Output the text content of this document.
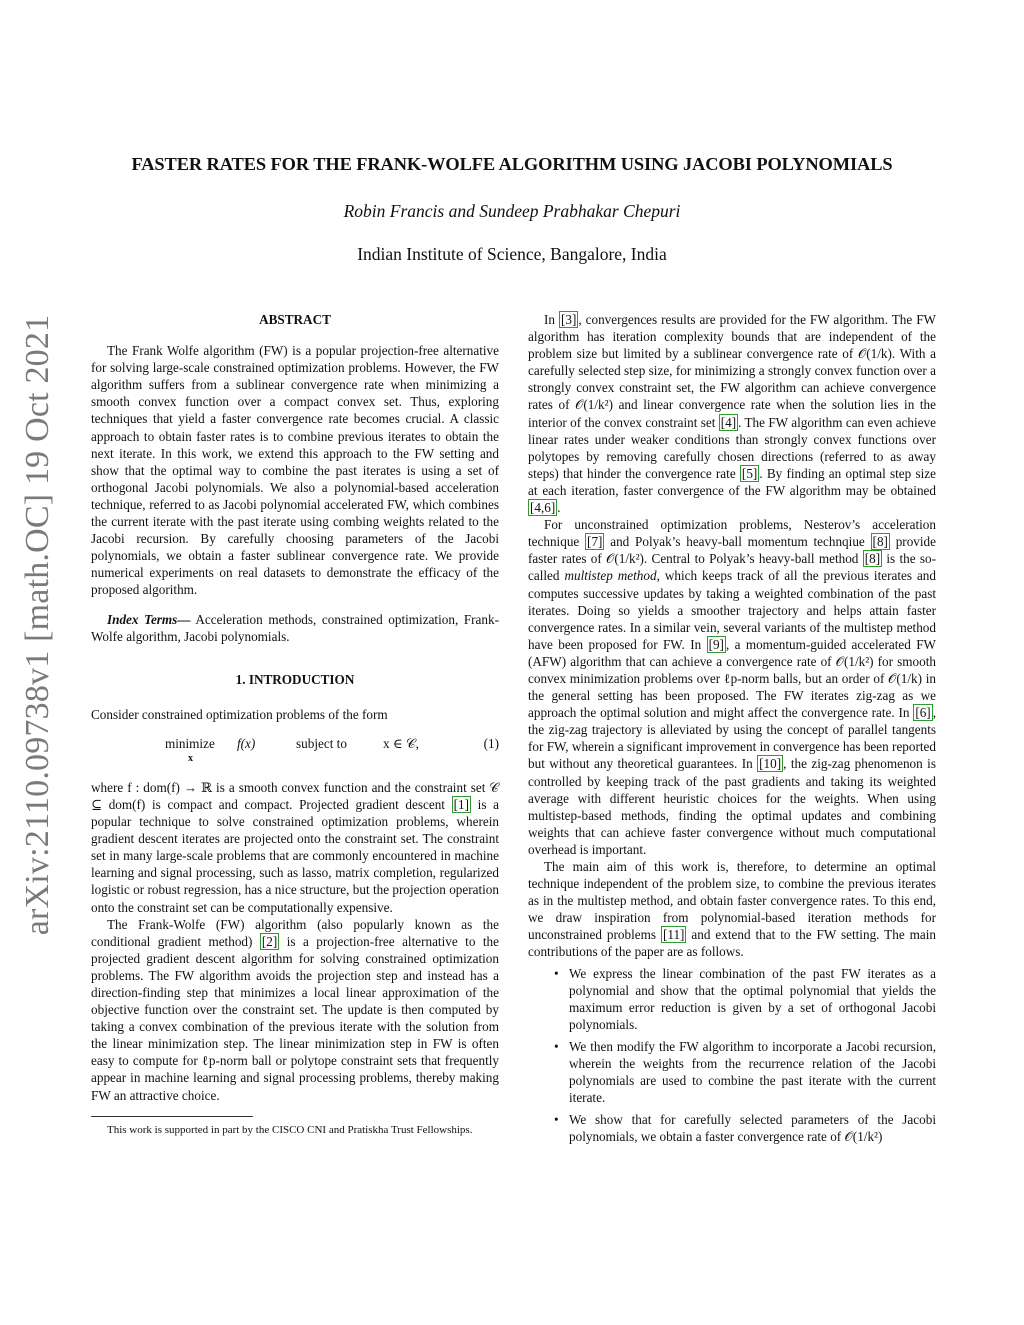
arXiv:2110.09738v1 [math.OC] 19 Oct 2021
FASTER RATES FOR THE FRANK-WOLFE ALGORITHM USING JACOBI POLYNOMIALS
Robin Francis and Sundeep Prabhakar Chepuri
Indian Institute of Science, Bangalore, India
ABSTRACT

The Frank Wolfe algorithm (FW) is a popular projection-free alternative for solving large-scale constrained optimization problems. However, the FW algorithm suffers from a sublinear convergence rate when minimizing a smooth convex function over a compact convex set. Thus, exploring techniques that yield a faster convergence rate becomes crucial. A classic approach to obtain faster rates is to combine previous iterates to obtain the next iterate. In this work, we extend this approach to the FW setting and show that the optimal way to combine the past iterates is using a set of orthogonal Jacobi polynomials. We also a polynomial-based acceleration technique, referred to as Jacobi polynomial accelerated FW, which combines the current iterate with the past iterate using combing weights related to the Jacobi recursion. By carefully choosing parameters of the Jacobi polynomials, we obtain a faster sublinear convergence rate. We provide numerical experiments on real datasets to demonstrate the efficacy of the proposed algorithm.

Index Terms— Acceleration methods, constrained optimization, Frank-Wolfe algorithm, Jacobi polynomials.

1. INTRODUCTION

Consider constrained optimization problems of the form

minimize
x
f(x)	subject to	x ∈ 𝒞,	(1)

where f : dom(f) → ℝ is a smooth convex function and the constraint set 𝒞 ⊆ dom(f) is compact and compact. Projected gradient descent [1] is a popular technique to solve constrained optimization problems, wherein gradient descent iterates are projected onto the constraint set. The constraint set in many large-scale problems that are commonly encountered in machine learning and signal processing, such as lasso, matrix completion, regularized logistic or robust regression, has a nice structure, but the projection operation onto the constraint set can be computationally expensive.

The Frank-Wolfe (FW) algorithm (also popularly known as the conditional gradient method) [2] is a projection-free alternative to the projected gradient descent algorithm for solving constrained optimization problems. The FW algorithm avoids the projection step and instead has a direction-finding step that minimizes a local linear approximation of the objective function over the constraint set. The update is then computed by taking a convex combination of the previous iterate with the solution from the linear minimization step. The linear minimization step in FW is often easy to compute for ℓp-norm ball or polytope constraint sets that frequently appear in machine learning and signal processing problems, thereby making FW an attractive choice.

This work is supported in part by the CISCO CNI and Pratiskha Trust Fellowships.

In [3] , convergences results are provided for the FW algorithm. The FW algorithm has iteration complexity bounds that are independent of the problem size but limited by a sublinear convergence rate of 𝒪(1/k). With a carefully selected step size, for minimizing a strongly convex function over a strongly convex constraint set, the FW algorithm can achieve convergence rates of 𝒪(1/k²) and linear convergence rate when the solution lies in the interior of the convex constraint set [4] . The FW algorithm can even achieve linear rates under weaker conditions than strongly convex functions over polytopes by removing carefully chosen directions (referred to as away steps) that hinder the convergence rate [5] . By finding an optimal step size at each iteration, faster convergence of the FW algorithm may be obtained [4,6] .

For unconstrained optimization problems, Nesterov’s acceleration technique [7] and Polyak’s heavy-ball momentum technqiue [8] provide faster rates of 𝒪(1/k²). Central to Polyak’s heavy-ball method [8] is the so-called multistep method, which keeps track of all the previous iterates and computes successive updates by taking a weighted combination of the past iterates. Doing so yields a smoother trajectory and helps attain faster convergence rates. In a similar vein, several variants of the multistep method have been proposed for FW. In [9] , a momentum-guided accelerated FW (AFW) algorithm that can achieve a convergence rate of 𝒪(1/k²) for smooth convex minimization problems over ℓp-norm balls, but an order of 𝒪(1/k) in the general setting has been proposed. The FW iterates zig-zag as we approach the optimal solution and might affect the convergence rate. In [6] , the zig-zag trajectory is alleviated by using the concept of parallel tangents for FW, wherein a significant improvement in convergence has been reported but without any theoretical guarantees. In [10] , the zig-zag phenomenon is controlled by keeping track of the past gradients and taking its weighted average with different heuristic choices for the weights. When using multistep-based methods, finding the optimal updates and combining weights that can achieve faster convergence without much computational overhead is important.

The main aim of this work is, therefore, to determine an optimal technique independent of the problem size, to combine the previous iterates as in the multistep method, and obtain faster convergence rates. To this end, we draw inspiration from polynomial-based iteration methods for unconstrained problems [11] and extend that to the FW setting. The main contributions of the paper are as follows.

• We express the linear combination of the past FW iterates as a polynomial and show that the optimal polynomial that yields the maximum error reduction is given by a set of orthogonal Jacobi polynomials.
• We then modify the FW algorithm to incorporate a Jacobi recursion, wherein the weights from the recurrence relation of the Jacobi polynomials are used to combine the past iterate with the current iterate.
• We show that for carefully selected parameters of the Jacobi polynomials, we obtain a faster convergence rate of 𝒪(1/k²)
